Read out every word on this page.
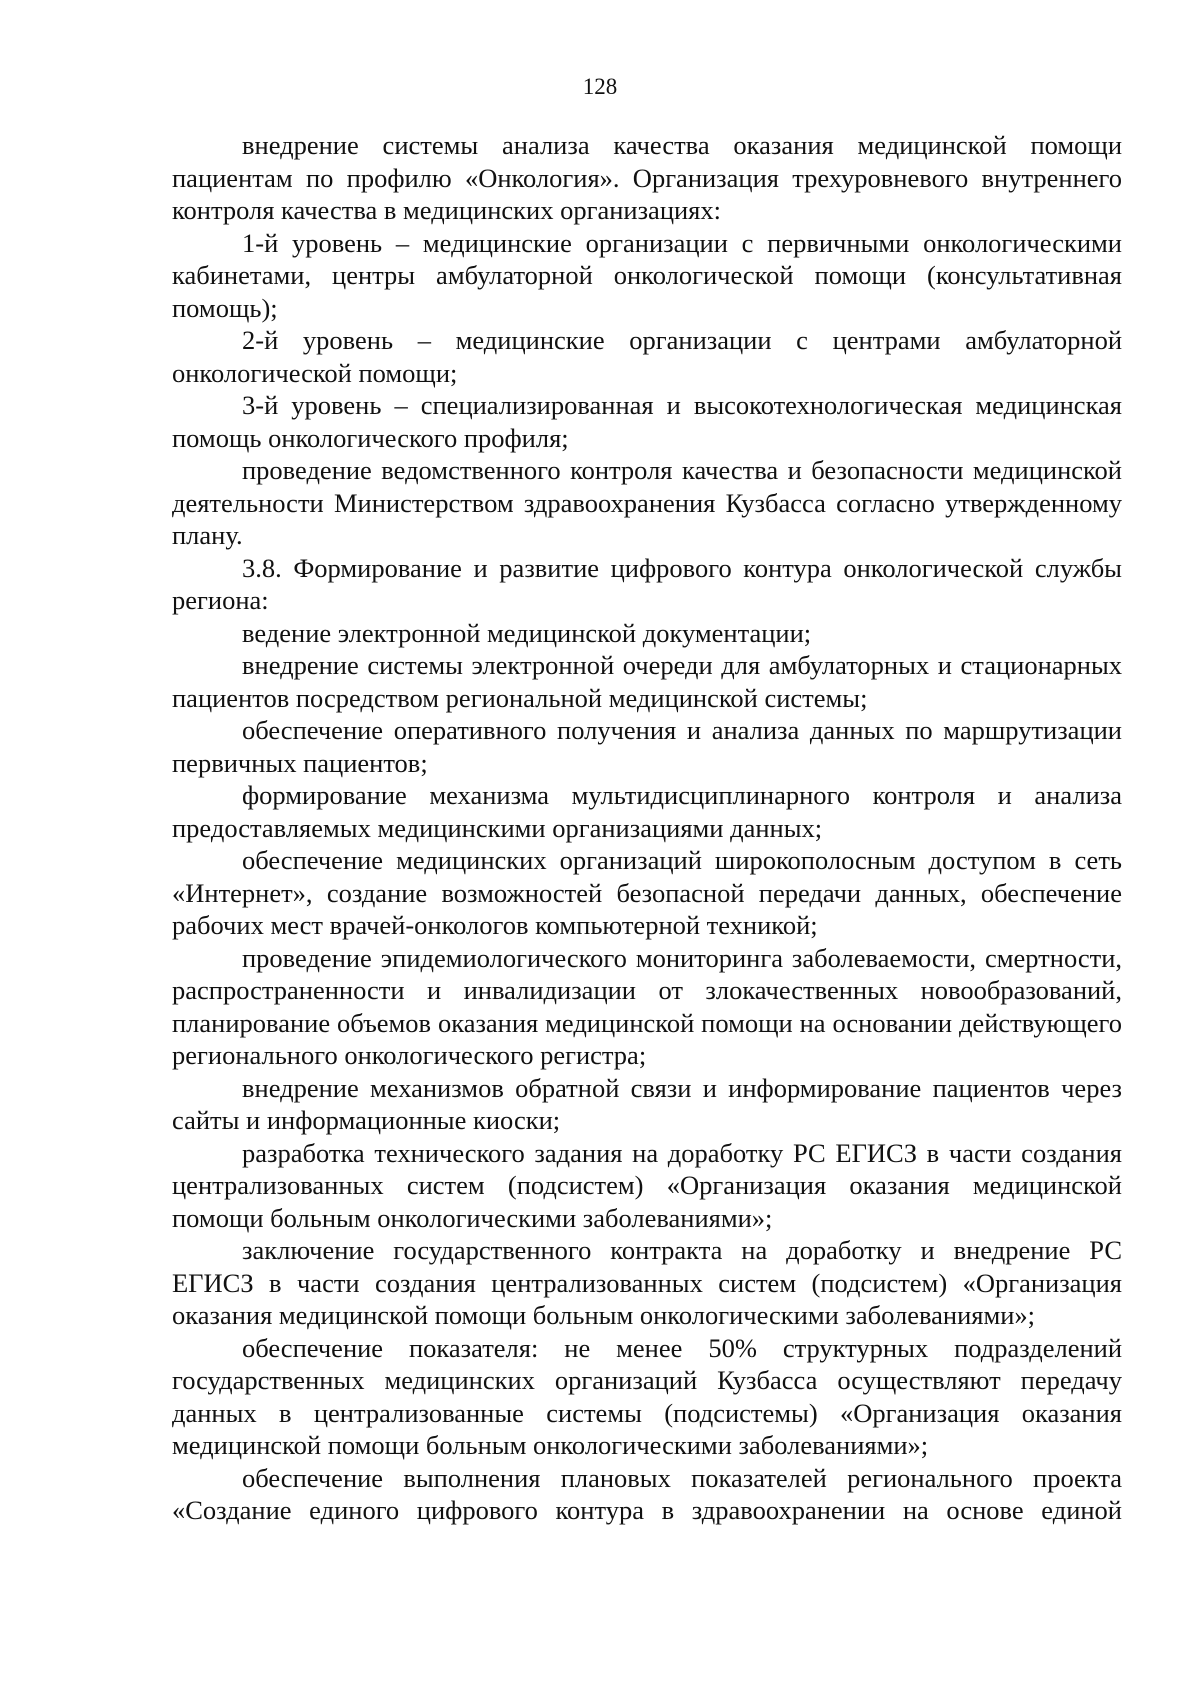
128

внедрение системы анализа качества оказания медицинской помощи пациентам по профилю «Онкология». Организация трехуровневого внутреннего контроля качества в медицинских организациях:

1-й уровень – медицинские организации с первичными онкологическими кабинетами, центры амбулаторной онкологической помощи (консультативная помощь);

2-й уровень – медицинские организации с центрами амбулаторной онкологической помощи;

3-й уровень – специализированная и высокотехнологическая медицинская помощь онкологического профиля;

проведение ведомственного контроля качества и безопасности медицинской деятельности Министерством здравоохранения Кузбасса согласно утвержденному плану.

3.8. Формирование и развитие цифрового контура онкологической службы региона:

ведение электронной медицинской документации;

внедрение системы электронной очереди для амбулаторных и стационарных пациентов посредством региональной медицинской системы;

обеспечение оперативного получения и анализа данных по маршрутизации первичных пациентов;

формирование механизма мультидисциплинарного контроля и анализа предоставляемых медицинскими организациями данных;

обеспечение медицинских организаций широкополосным доступом в сеть «Интернет», создание возможностей безопасной передачи данных, обеспечение рабочих мест врачей-онкологов компьютерной техникой;

проведение эпидемиологического мониторинга заболеваемости, смертности, распространенности и инвалидизации от злокачественных новообразований, планирование объемов оказания медицинской помощи на основании действующего регионального онкологического регистра;

внедрение механизмов обратной связи и информирование пациентов через сайты и информационные киоски;

разработка технического задания на доработку РС ЕГИСЗ в части создания централизованных систем (подсистем) «Организация оказания медицинской помощи больным онкологическими заболеваниями»;

заключение государственного контракта на доработку и внедрение РС ЕГИСЗ в части создания централизованных систем (подсистем) «Организация оказания медицинской помощи больным онкологическими заболеваниями»;

обеспечение показателя: не менее 50% структурных подразделений государственных медицинских организаций Кузбасса осуществляют передачу данных в централизованные системы (подсистемы) «Организация оказания медицинской помощи больным онкологическими заболеваниями»;

обеспечение выполнения плановых показателей регионального проекта «Создание единого цифрового контура в здравоохранении на основе единой
